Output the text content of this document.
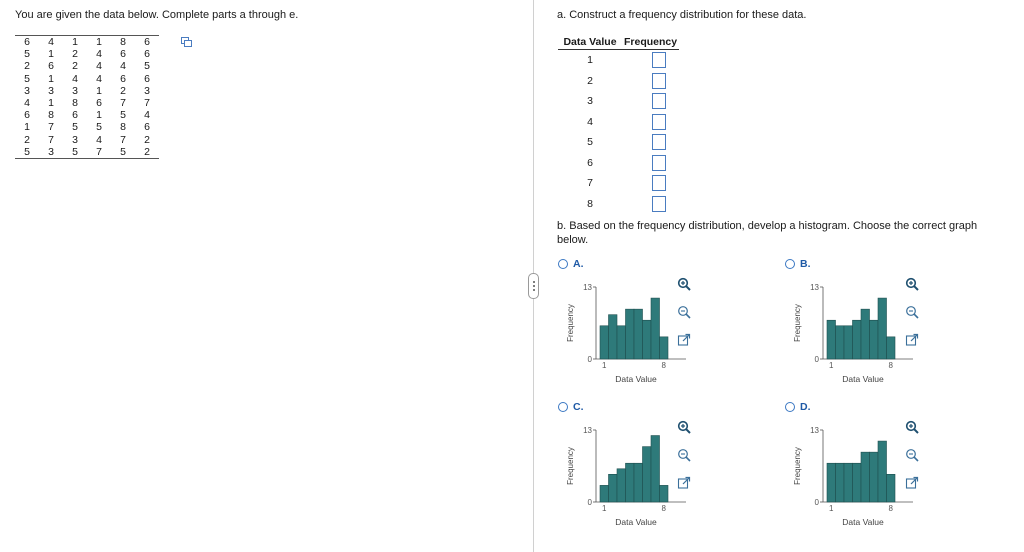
You are given the data below. Complete parts a through e.
6	4	1	1	8	6
5	1	2	4	6	6
2	6	2	4	4	5
5	1	4	4	6	6
3	3	3	1	2	3
4	1	8	6	7	7
6	8	6	1	5	4
1	7	5	5	8	6
2	7	3	4	7	2
5	3	5	7	5	2
a. Construct a frequency distribution for these data.
Data Value	Frequency
1	

2	

3	

4	

5	

6	

7	

8	
b. Based on the frequency distribution, develop a histogram. Choose the correct graph below.
A.
13
0
1	8
Data Value
Frequency
B.
13
0
1	8
Data Value
Frequency
C.
13
0
1	8
Data Value
Frequency
D.
13
0
1	8
Data Value
Frequency
